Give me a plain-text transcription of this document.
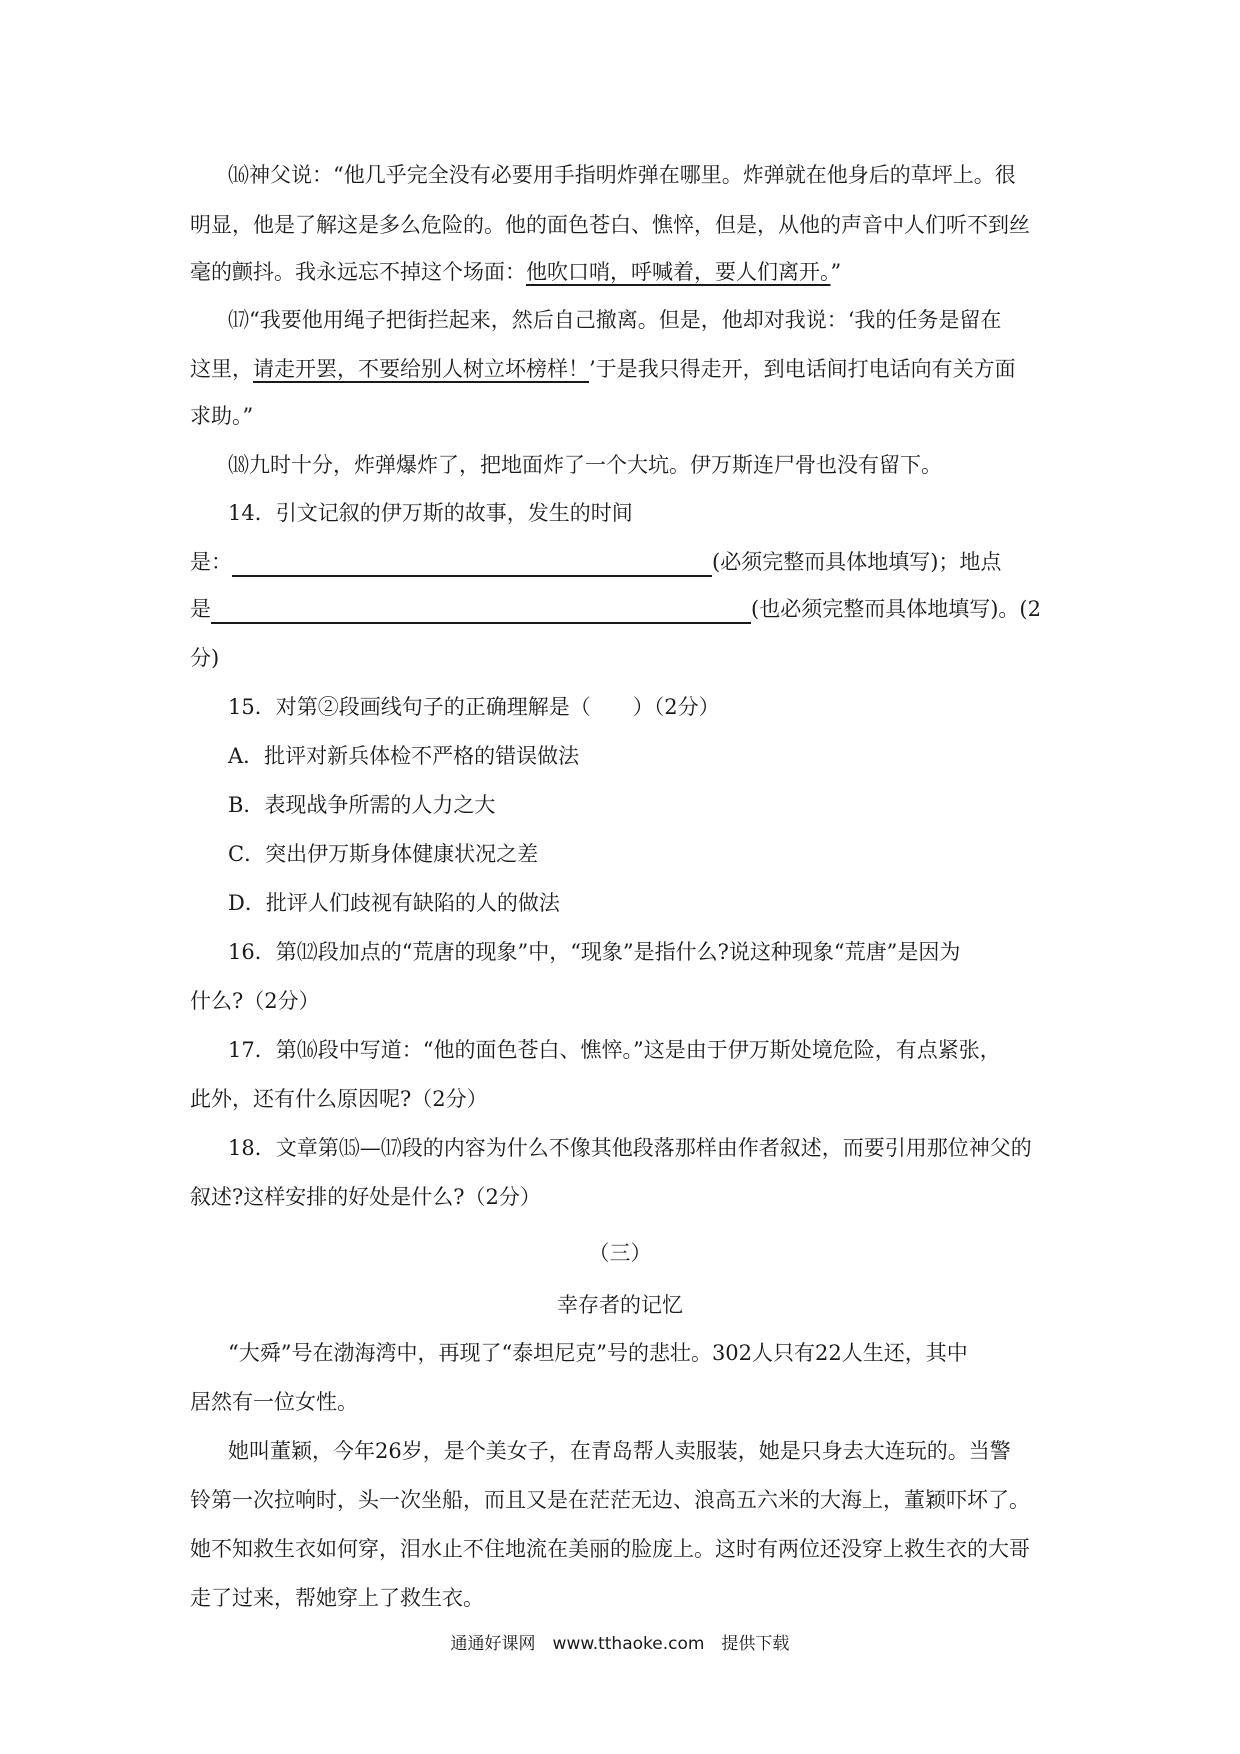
⒃神父说：“他几乎完全没有必要用手指明炸弹在哪里。炸弹就在他身后的草坪上。很
明显，他是了解这是多么危险的。他的面色苍白、憔悴，但是，从他的声音中人们听不到丝
毫的颤抖。我永远忘不掉这个场面：他吹口哨，呼喊着，要人们离开。”
⒄“我要他用绳子把街拦起来，然后自己撤离。但是，他却对我说：‘我的任务是留在
这里，请走开罢，不要给别人树立坏榜样！’于是我只得走开，到电话间打电话向有关方面
求助。”
⒅九时十分，炸弹爆炸了，把地面炸了一个大坑。伊万斯连尸骨也没有留下。
14．引文记叙的伊万斯的故事，发生的时间
是：	(必须完整而具体地填写)；地点
是	(也必须完整而具体地填写)。(2
分)
15．对第②段画线句子的正确理解是（　　）（2分）
A．批评对新兵体检不严格的错误做法
B．表现战争所需的人力之大
C．突出伊万斯身体健康状况之差
D．批评人们歧视有缺陷的人的做法
16．第⑿段加点的“荒唐的现象”中，“现象”是指什么?说这种现象“荒唐”是因为
什么?（2分）
17．第⒃段中写道：“他的面色苍白、憔悴。”这是由于伊万斯处境危险，有点紧张，
此外，还有什么原因呢?（2分）
18．文章第⒂—⒄段的内容为什么不像其他段落那样由作者叙述，而要引用那位神父的
叙述?这样安排的好处是什么?（2分）
（三）
幸存者的记忆
“大舜”号在渤海湾中，再现了“泰坦尼克”号的悲壮。302人只有22人生还，其中
居然有一位女性。
她叫董颖，今年26岁，是个美女子，在青岛帮人卖服装，她是只身去大连玩的。当警
铃第一次拉响时，头一次坐船，而且又是在茫茫无边、浪高五六米的大海上，董颖吓坏了。
她不知救生衣如何穿，泪水止不住地流在美丽的脸庞上。这时有两位还没穿上救生衣的大哥
走了过来，帮她穿上了救生衣。
通通好课网　www.tthaoke.com　提供下载
